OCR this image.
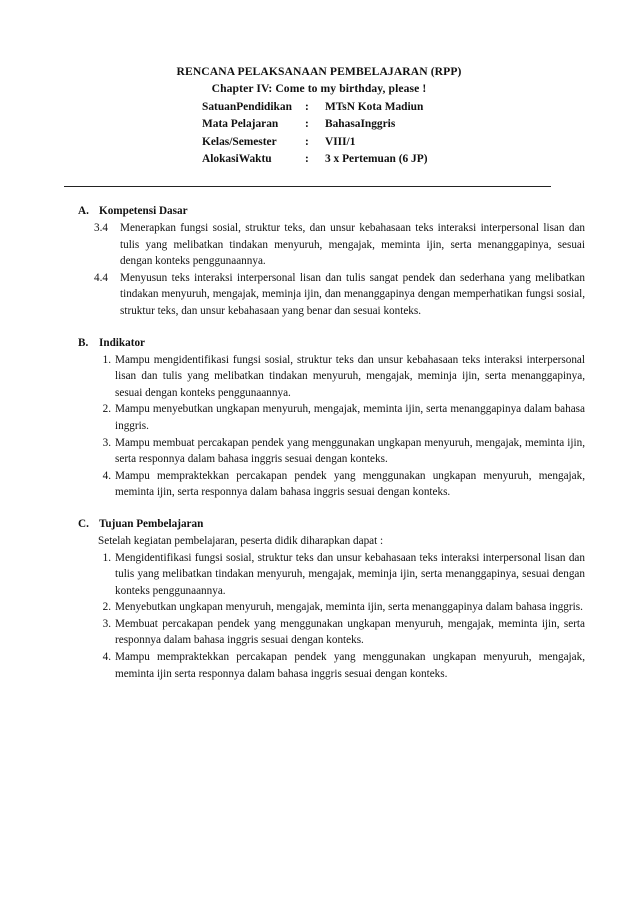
RENCANA PELAKSANAAN PEMBELAJARAN (RPP)
Chapter IV: Come to my birthday, please !
SatuanPendidikan	:	MTsN Kota Madiun
Mata Pelajaran	:	BahasaInggris
Kelas/Semester	:	VIII/1
AlokasiWaktu	:	3 x Pertemuan (6 JP)
A. Kompetensi Dasar
3.4	Menerapkan fungsi sosial, struktur teks, dan unsur kebahasaan teks interaksi interpersonal lisan dan tulis yang melibatkan tindakan menyuruh, mengajak, meminta ijin, serta menanggapinya, sesuai dengan konteks penggunaannya.
4.4	Menyusun teks interaksi interpersonal lisan dan tulis sangat pendek dan sederhana yang melibatkan tindakan menyuruh, mengajak, meminja ijin, dan menanggapinya dengan memperhatikan fungsi sosial, struktur teks, dan unsur kebahasaan yang benar dan sesuai konteks.
B. Indikator
1. Mampu mengidentifikasi fungsi sosial, struktur teks dan unsur kebahasaan teks interaksi interpersonal lisan dan tulis yang melibatkan tindakan menyuruh, mengajak, meminja ijin, serta menanggapinya, sesuai dengan konteks penggunaannya.
2. Mampu menyebutkan ungkapan menyuruh, mengajak, meminta ijin, serta menanggapinya dalam bahasa inggris.
3. Mampu membuat percakapan pendek yang menggunakan ungkapan menyuruh, mengajak, meminta ijin, serta responnya dalam bahasa inggris sesuai dengan konteks.
4. Mampu mempraktekkan percakapan pendek yang menggunakan ungkapan menyuruh, mengajak, meminta ijin, serta responnya dalam bahasa inggris sesuai dengan konteks.
C. Tujuan Pembelajaran
Setelah kegiatan pembelajaran, peserta didik diharapkan dapat :
1. Mengidentifikasi fungsi sosial, struktur teks dan unsur kebahasaan teks interaksi interpersonal lisan dan tulis yang melibatkan tindakan menyuruh, mengajak, meminja ijin, serta menanggapinya, sesuai dengan konteks penggunaannya.
2. Menyebutkan ungkapan menyuruh, mengajak, meminta ijin, serta menanggapinya dalam bahasa inggris.
3. Membuat percakapan pendek yang menggunakan ungkapan menyuruh, mengajak, meminta ijin, serta responnya dalam bahasa inggris sesuai dengan konteks.
4. Mampu mempraktekkan percakapan pendek yang menggunakan ungkapan menyuruh, mengajak, meminta ijin serta responnya dalam bahasa inggris sesuai dengan konteks.
